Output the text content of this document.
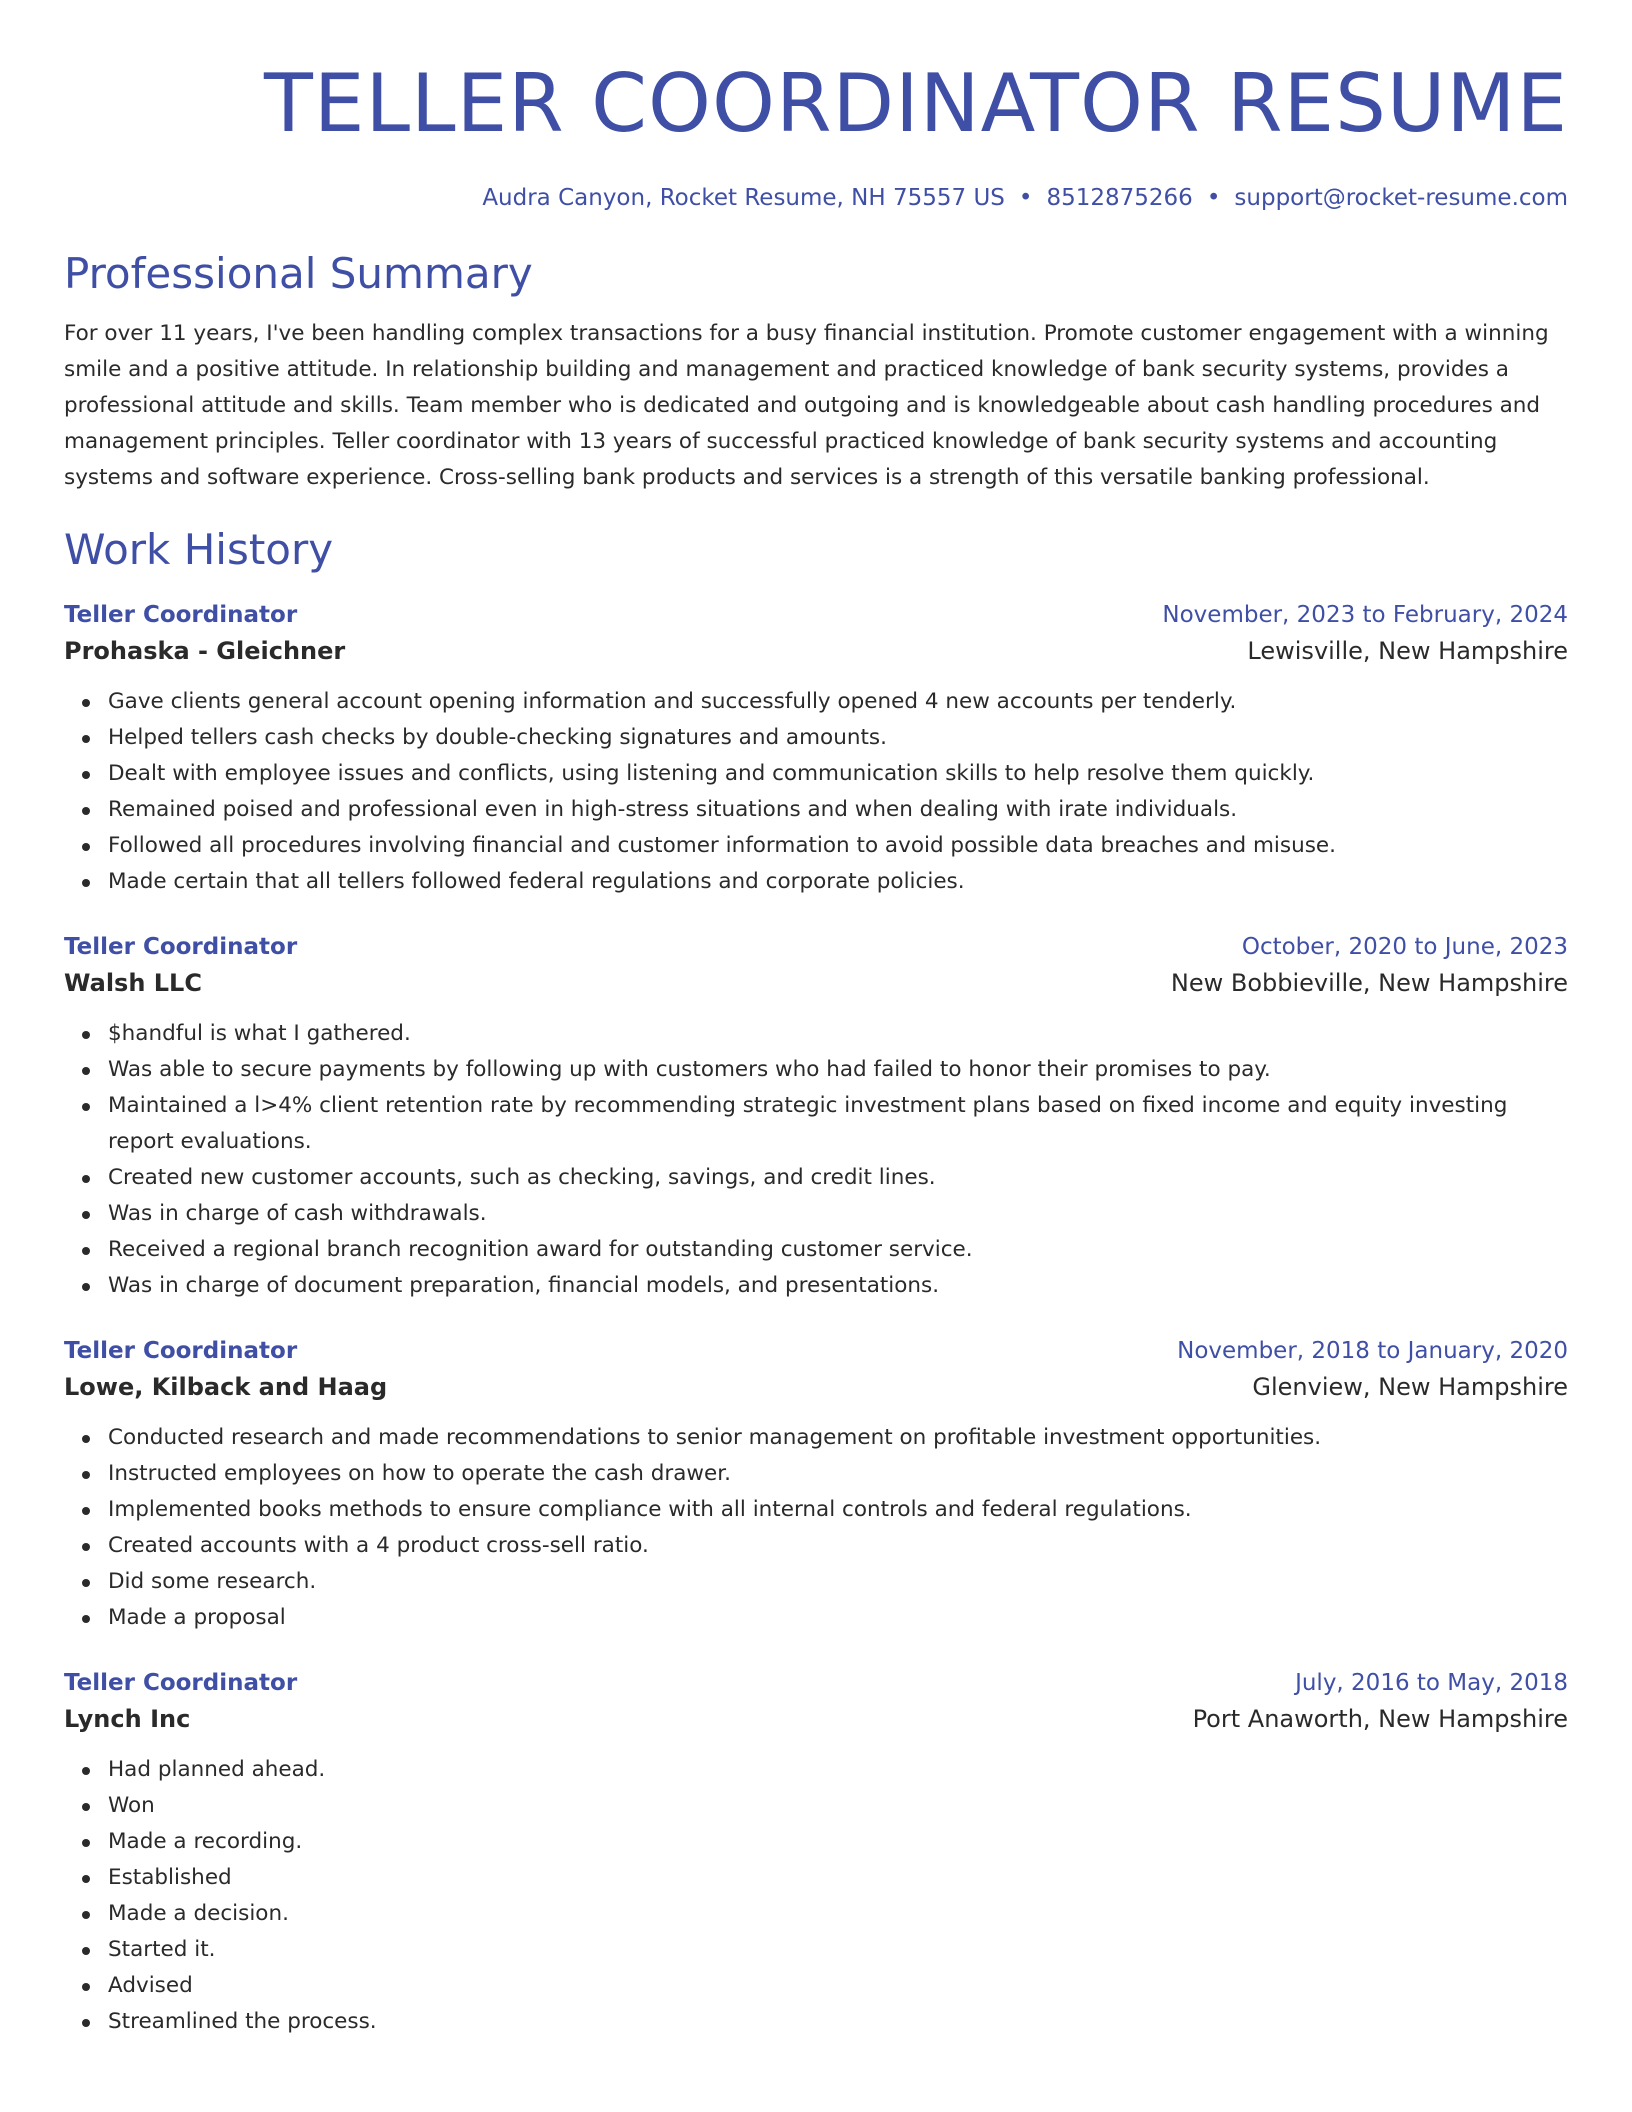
TELLER COORDINATOR RESUME
Audra Canyon, Rocket Resume, NH 75557 US • 8512875266 • support@rocket-resume.com
Professional Summary

For over 11 years, I've been handling complex transactions for a busy financial institution. Promote customer engagement with a winning smile and a positive attitude. In relationship building and management and practiced knowledge of bank security systems, provides a professional attitude and skills. Team member who is dedicated and outgoing and is knowledgeable about cash handling procedures and management principles. Teller coordinator with 13 years of successful practiced knowledge of bank security systems and accounting systems and software experience. Cross-selling bank products and services is a strength of this versatile banking professional.

Work History
Teller Coordinator	November, 2023 to February, 2024
Prohaska - Gleichner	Lewisville, New Hampshire
Gave clients general account opening information and successfully opened 4 new accounts per tenderly.
Helped tellers cash checks by double-checking signatures and amounts.
Dealt with employee issues and conflicts, using listening and communication skills to help resolve them quickly.
Remained poised and professional even in high-stress situations and when dealing with irate individuals.
Followed all procedures involving financial and customer information to avoid possible data breaches and misuse.
Made certain that all tellers followed federal regulations and corporate policies.
Teller Coordinator	October, 2020 to June, 2023
Walsh LLC	New Bobbieville, New Hampshire
$handful is what I gathered.
Was able to secure payments by following up with customers who had failed to honor their promises to pay.
Maintained a l>4% client retention rate by recommending strategic investment plans based on fixed income and equity investing report evaluations.
Created new customer accounts, such as checking, savings, and credit lines.
Was in charge of cash withdrawals.
Received a regional branch recognition award for outstanding customer service.
Was in charge of document preparation, financial models, and presentations.
Teller Coordinator	November, 2018 to January, 2020
Lowe, Kilback and Haag	Glenview, New Hampshire
Conducted research and made recommendations to senior management on profitable investment opportunities.
Instructed employees on how to operate the cash drawer.
Implemented books methods to ensure compliance with all internal controls and federal regulations.
Created accounts with a 4 product cross-sell ratio.
Did some research.
Made a proposal
Teller Coordinator	July, 2016 to May, 2018
Lynch Inc	Port Anaworth, New Hampshire
Had planned ahead.
Won
Made a recording.
Established
Made a decision.
Started it.
Advised
Streamlined the process.
